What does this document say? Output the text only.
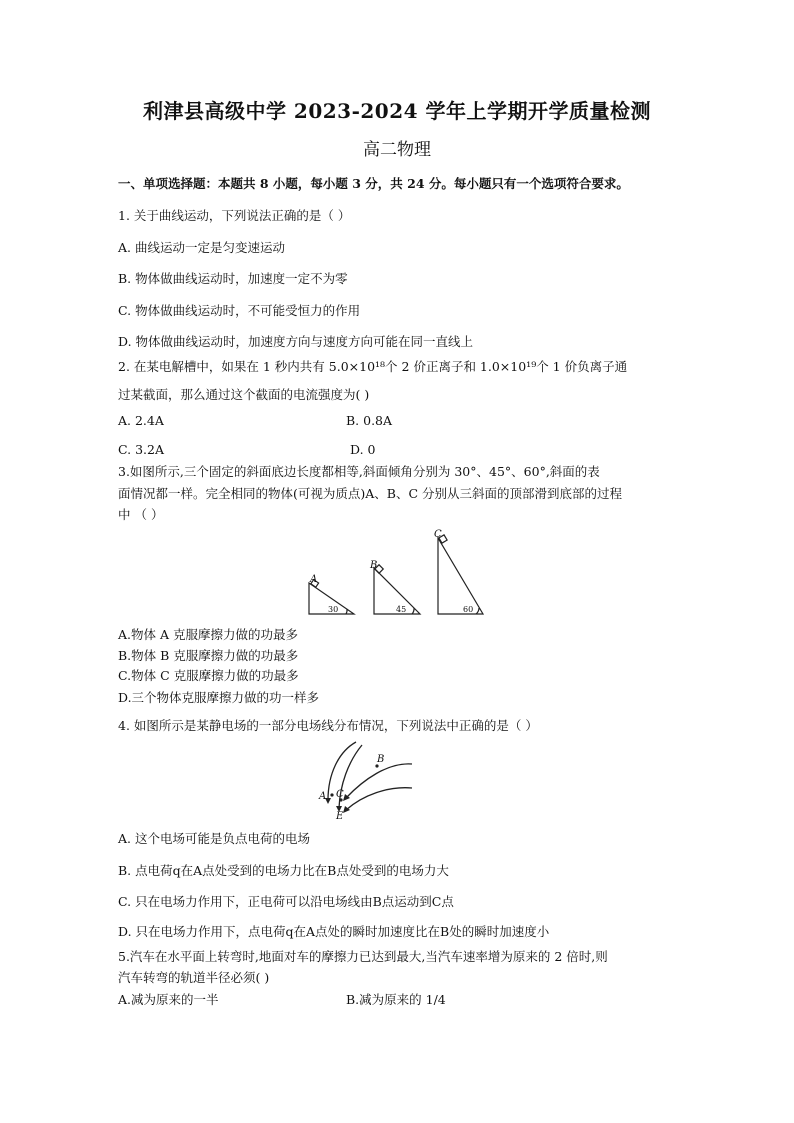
利津县高级中学 2023-2024 学年上学期开学质量检测
高二物理
一、单项选择题：本题共 8 小题，每小题 3 分，共 24 分。每小题只有一个选项符合要求。
1. 关于曲线运动，下列说法正确的是（ ）
A. 曲线运动一定是匀变速运动
B. 物体做曲线运动时，加速度一定不为零
C. 物体做曲线运动时，不可能受恒力的作用
D. 物体做曲线运动时，加速度方向与速度方向可能在同一直线上
2. 在某电解槽中，如果在 1 秒内共有 5.0×10¹⁸个 2 价正离子和 1.0×10¹⁹个 1 价负离子通
过某截面，那么通过这个截面的电流强度为( )
A. 2.4A	B. 0.8A
C. 3.2A	D. 0
3.如图所示,三个固定的斜面底边长度都相等,斜面倾角分别为 30°、45°、60°,斜面的表
面情况都一样。完全相同的物体(可视为质点)A、B、C 分别从三斜面的顶部滑到底部的过程
中 （ ）
A
B
C
30	45	60
A.物体 A 克服摩擦力做的功最多
B.物体 B 克服摩擦力做的功最多
C.物体 C 克服摩擦力做的功最多
D.三个物体克服摩擦力做的功一样多
4. 如图所示是某静电场的一部分电场线分布情况，下列说法中正确的是（ ）
B
A C
E
A. 这个电场可能是负点电荷的电场
B. 点电荷q在A点处受到的电场力比在B点处受到的电场力大
C. 只在电场力作用下，正电荷可以沿电场线由B点运动到C点
D. 只在电场力作用下，点电荷q在A点处的瞬时加速度比在B处的瞬时加速度小
5.汽车在水平面上转弯时,地面对车的摩擦力已达到最大,当汽车速率增为原来的 2 倍时,则
汽车转弯的轨道半径必须( )
A.减为原来的一半	B.减为原来的 1/4
